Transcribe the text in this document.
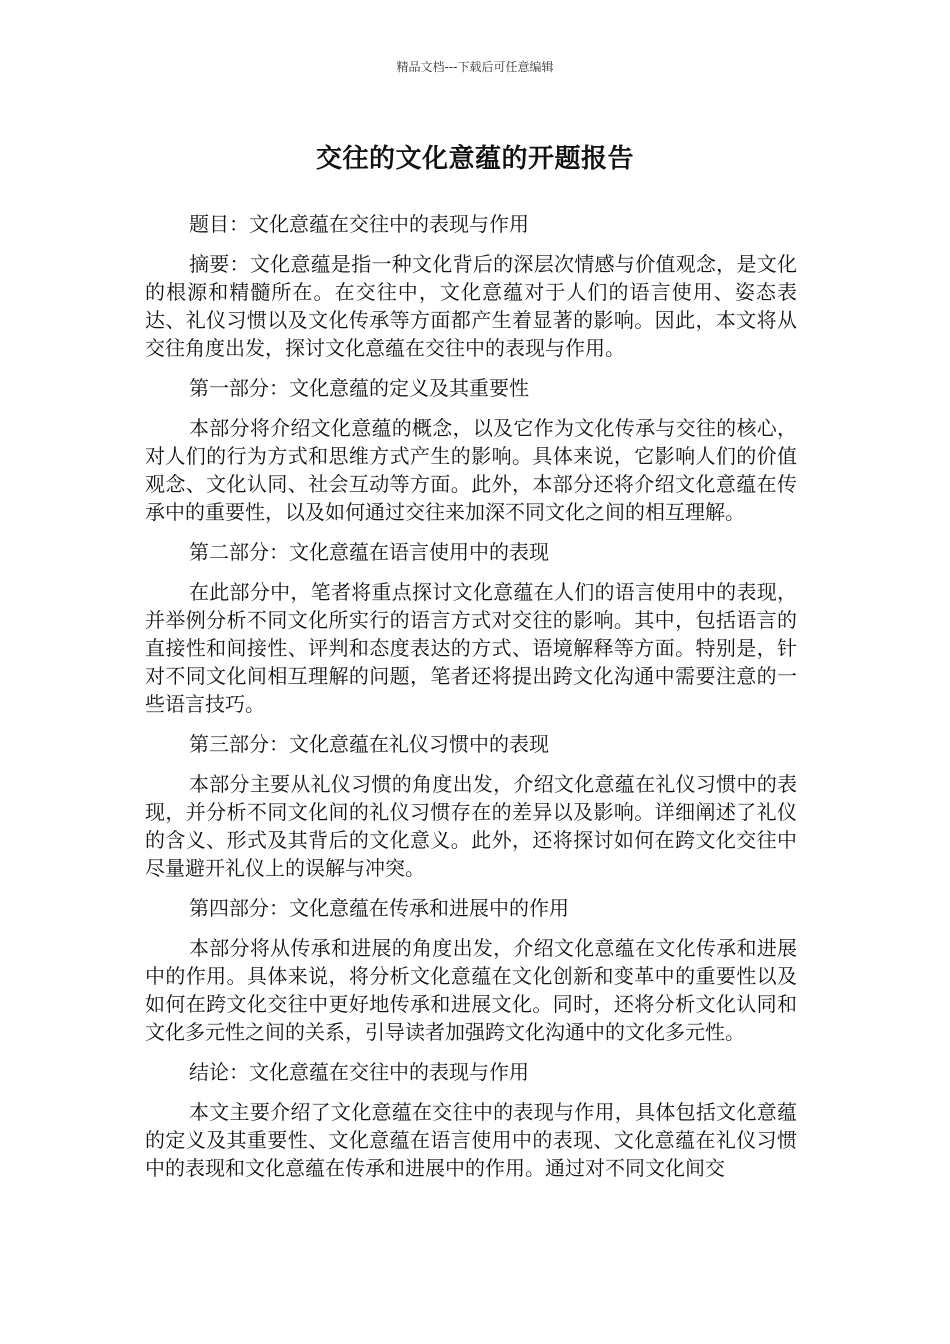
精品文档---下载后可任意编辑
交往的文化意蕴的开题报告

题目：文化意蕴在交往中的表现与作用

摘要：文化意蕴是指一种文化背后的深层次情感与价值观念，是文化的根源和精髓所在。在交往中，文化意蕴对于人们的语言使用、姿态表达、礼仪习惯以及文化传承等方面都产生着显著的影响。因此，本文将从交往角度出发，探讨文化意蕴在交往中的表现与作用。

第一部分：文化意蕴的定义及其重要性

本部分将介绍文化意蕴的概念，以及它作为文化传承与交往的核心，对人们的行为方式和思维方式产生的影响。具体来说，它影响人们的价值观念、文化认同、社会互动等方面。此外，本部分还将介绍文化意蕴在传承中的重要性，以及如何通过交往来加深不同文化之间的相互理解。

第二部分：文化意蕴在语言使用中的表现

在此部分中，笔者将重点探讨文化意蕴在人们的语言使用中的表现，并举例分析不同文化所实行的语言方式对交往的影响。其中，包括语言的直接性和间接性、评判和态度表达的方式、语境解释等方面。特别是，针对不同文化间相互理解的问题，笔者还将提出跨文化沟通中需要注意的一些语言技巧。

第三部分：文化意蕴在礼仪习惯中的表现

本部分主要从礼仪习惯的角度出发，介绍文化意蕴在礼仪习惯中的表现，并分析不同文化间的礼仪习惯存在的差异以及影响。详细阐述了礼仪的含义、形式及其背后的文化意义。此外，还将探讨如何在跨文化交往中尽量避开礼仪上的误解与冲突。

第四部分：文化意蕴在传承和进展中的作用

本部分将从传承和进展的角度出发，介绍文化意蕴在文化传承和进展中的作用。具体来说，将分析文化意蕴在文化创新和变革中的重要性以及如何在跨文化交往中更好地传承和进展文化。同时，还将分析文化认同和文化多元性之间的关系，引导读者加强跨文化沟通中的文化多元性。

结论：文化意蕴在交往中的表现与作用

本文主要介绍了文化意蕴在交往中的表现与作用，具体包括文化意蕴的定义及其重要性、文化意蕴在语言使用中的表现、文化意蕴在礼仪习惯中的表现和文化意蕴在传承和进展中的作用。通过对不同文化间交
